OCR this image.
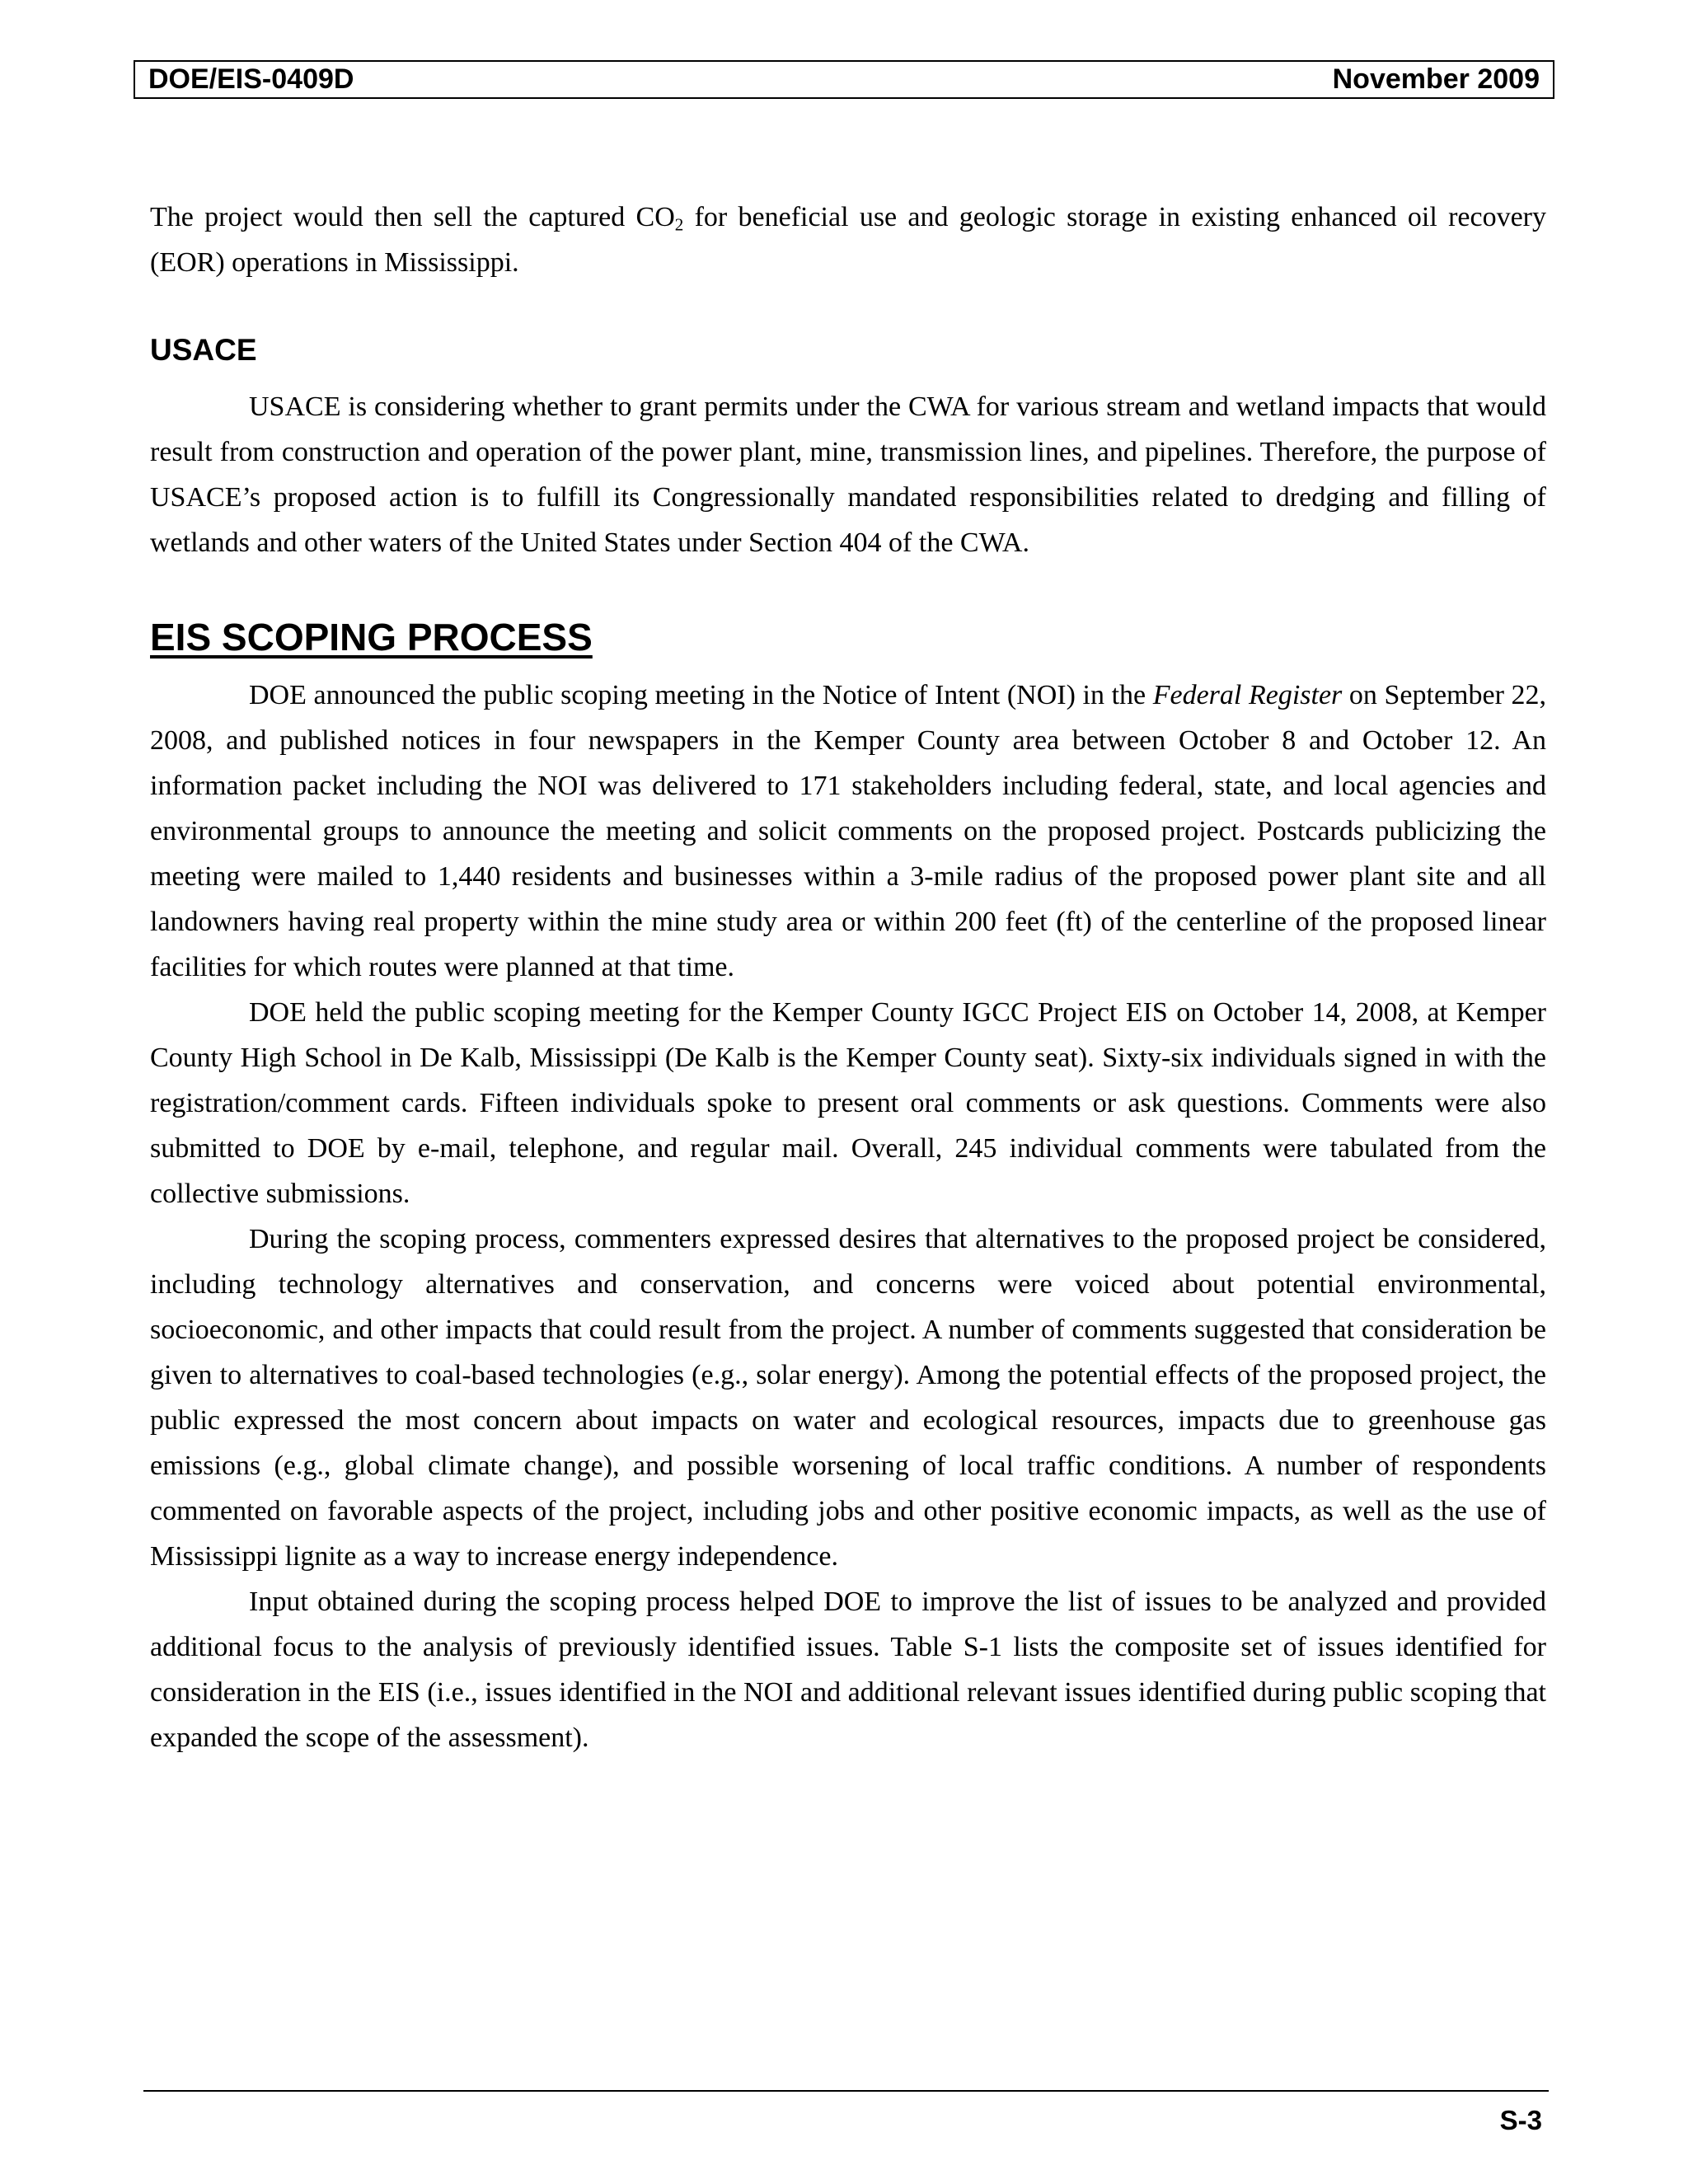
DOE/EIS-0409D	November 2009

The project would then sell the captured $CO_2$ for beneficial use and geologic storage in existing enhanced oil recovery (EOR) operations in Mississippi.

USACE

USACE is considering whether to grant permits under the CWA for various stream and wetland impacts that would result from construction and operation of the power plant, mine, transmission lines, and pipelines. Therefore, the purpose of USACE’s proposed action is to fulfill its Congressionally mandated responsibilities related to dredging and filling of wetlands and other waters of the United States under Section 404 of the CWA.

EIS SCOPING PROCESS

DOE announced the public scoping meeting in the Notice of Intent (NOI) in the Federal Register on September 22, 2008, and published notices in four newspapers in the Kemper County area between October 8 and October 12. An information packet including the NOI was delivered to 171 stakeholders including federal, state, and local agencies and environmental groups to announce the meeting and solicit comments on the proposed project. Postcards publicizing the meeting were mailed to 1,440 residents and businesses within a 3-mile radius of the proposed power plant site and all landowners having real property within the mine study area or within 200 feet (ft) of the centerline of the proposed linear facilities for which routes were planned at that time.

DOE held the public scoping meeting for the Kemper County IGCC Project EIS on October 14, 2008, at Kemper County High School in De Kalb, Mississippi (De Kalb is the Kemper County seat). Sixty-six individuals signed in with the registration/comment cards. Fifteen individuals spoke to present oral comments or ask questions. Comments were also submitted to DOE by e-mail, telephone, and regular mail. Overall, 245 individual comments were tabulated from the collective submissions.

During the scoping process, commenters expressed desires that alternatives to the proposed project be considered, including technology alternatives and conservation, and concerns were voiced about potential environmental, socioeconomic, and other impacts that could result from the project. A number of comments suggested that consideration be given to alternatives to coal-based technologies (e.g., solar energy). Among the potential effects of the proposed project, the public expressed the most concern about impacts on water and ecological resources, impacts due to greenhouse gas emissions (e.g., global climate change), and possible worsening of local traffic conditions. A number of respondents commented on favorable aspects of the project, including jobs and other positive economic impacts, as well as the use of Mississippi lignite as a way to increase energy independence.

Input obtained during the scoping process helped DOE to improve the list of issues to be analyzed and provided additional focus to the analysis of previously identified issues. Table S-1 lists the composite set of issues identified for consideration in the EIS (i.e., issues identified in the NOI and additional relevant issues identified during public scoping that expanded the scope of the assessment).

S-3
